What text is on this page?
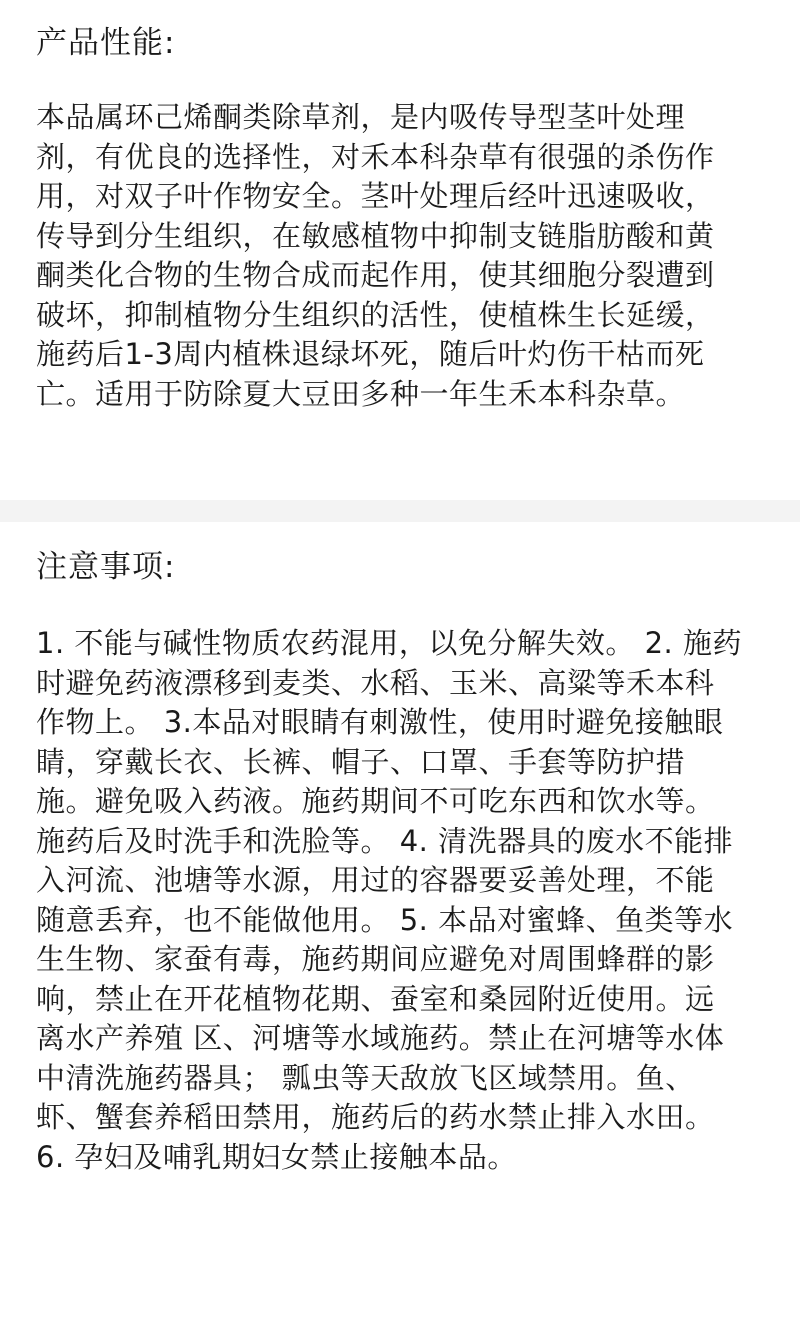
产品性能:

本品属环己烯酮类除草剂，是内吸传导型茎叶处理
剂，有优良的选择性，对禾本科杂草有很强的杀伤作
用，对双子叶作物安全。茎叶处理后经叶迅速吸收，
传导到分生组织，在敏感植物中抑制支链脂肪酸和黄
酮类化合物的生物合成而起作用，使其细胞分裂遭到
破坏，抑制植物分生组织的活性，使植株生长延缓，
施药后1-3周内植株退绿坏死，随后叶灼伤干枯而死
亡。适用于防除夏大豆田多种一年生禾本科杂草。

注意事项:

1. 不能与碱性物质农药混用，以免分解失效。 2. 施药
时避免药液漂移到麦类、水稻、玉米、高粱等禾本科
作物上。 3.本品对眼睛有刺激性，使用时避免接触眼
睛，穿戴长衣、长裤、帽子、口罩、手套等防护措
施。避免吸入药液。施药期间不可吃东西和饮水等。
施药后及时洗手和洗脸等。 4. 清洗器具的废水不能排
入河流、池塘等水源，用过的容器要妥善处理，不能
随意丢弃，也不能做他用。 5. 本品对蜜蜂、鱼类等水
生生物、家蚕有毒，施药期间应避免对周围蜂群的影
响，禁止在开花植物花期、蚕室和桑园附近使用。远
离水产养殖 区、河塘等水域施药。禁止在河塘等水体
中清洗施药器具； 瓢虫等天敌放飞区域禁用。鱼、
虾、蟹套养稻田禁用，施药后的药水禁止排入水田。
6. 孕妇及哺乳期妇女禁止接触本品。
